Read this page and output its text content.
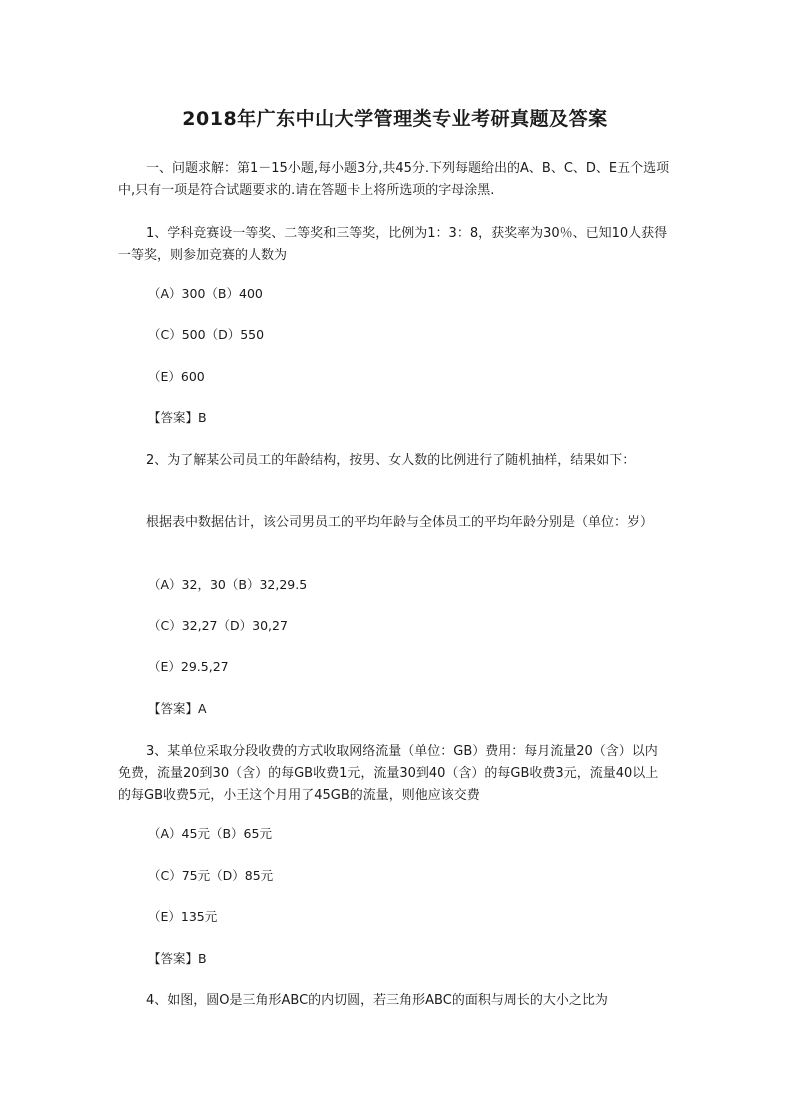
2018年广东中山大学管理类专业考研真题及答案
一、问题求解：第1－15小题,每小题3分,共45分.下列每题给出的A、B、C、D、E五个选项中,只有一项是符合试题要求的.请在答题卡上将所选项的字母涂黑.
1、学科竞赛设一等奖、二等奖和三等奖，比例为1：3：8，获奖率为30％、已知10人获得一等奖，则参加竞赛的人数为
（A）300（B）400
（C）500（D）550
（E）600
【答案】B
2、为了解某公司员工的年龄结构，按男、女人数的比例进行了随机抽样，结果如下：
根据表中数据估计，该公司男员工的平均年龄与全体员工的平均年龄分别是（单位：岁）
（A）32，30（B）32,29.5
（C）32,27（D）30,27
（E）29.5,27
【答案】A
3、某单位采取分段收费的方式收取网络流量（单位：GB）费用：每月流量20（含）以内免费，流量20到30（含）的每GB收费1元，流量30到40（含）的每GB收费3元，流量40以上的每GB收费5元，小王这个月用了45GB的流量，则他应该交费
（A）45元（B）65元
（C）75元（D）85元
（E）135元
【答案】B
4、如图，圆O是三角形ABC的内切圆，若三角形ABC的面积与周长的大小之比为
